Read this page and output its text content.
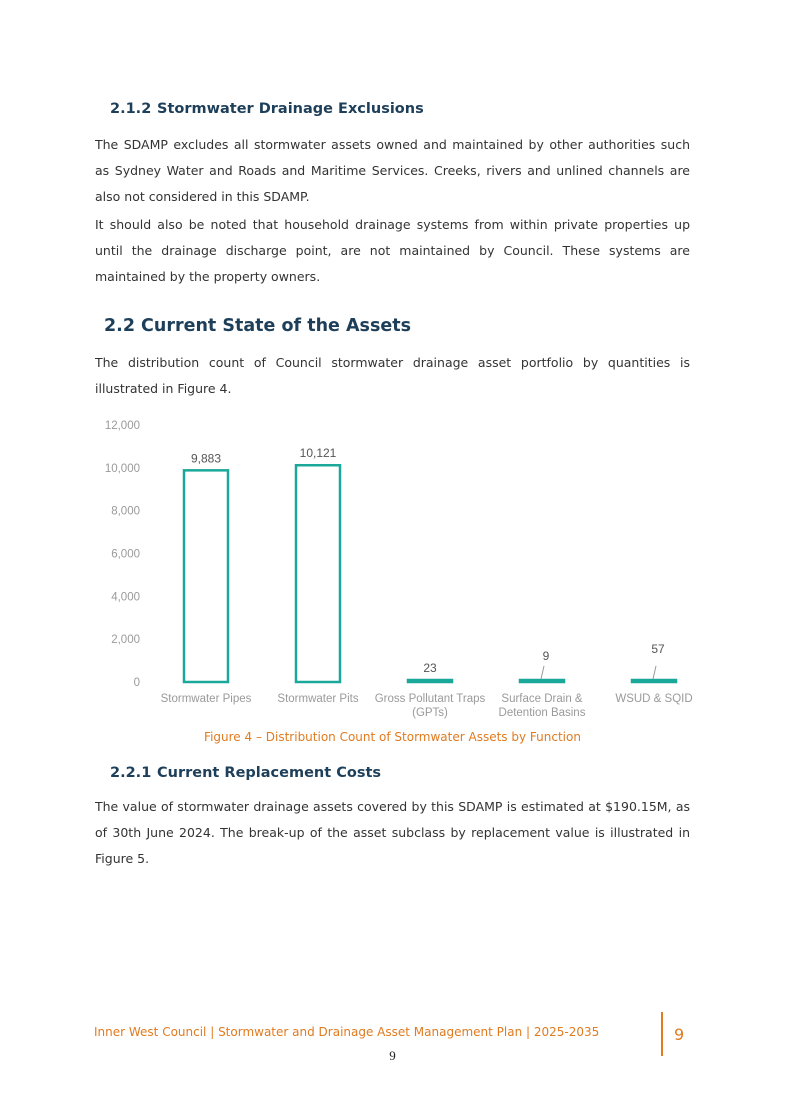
2.1.2 Stormwater Drainage Exclusions

The SDAMP excludes all stormwater assets owned and maintained by other authorities such as Sydney Water and Roads and Maritime Services. Creeks, rivers and unlined channels are also not considered in this SDAMP.

It should also be noted that household drainage systems from within private properties up until the drainage discharge point, are not maintained by Council. These systems are maintained by the property owners.

2.2 Current State of the Assets

The distribution count of Council stormwater drainage asset portfolio by quantities is illustrated in Figure 4.

0
2,000
4,000
6,000
8,000
10,000
12,000
9,883
Stormwater Pipes
10,121
Stormwater Pits
23
Gross Pollutant Traps
(GPTs)
9
Surface Drain &
Detention Basins
57
WSUD & SQID

Figure 4 – Distribution Count of Stormwater Assets by Function

2.2.1 Current Replacement Costs

The value of stormwater drainage assets covered by this SDAMP is estimated at $190.15M, as of 30th June 2024. The break-up of the asset subclass by replacement value is illustrated in Figure 5.

Inner West Council | Stormwater and Drainage Asset Management Plan | 2025-2035	9
9
